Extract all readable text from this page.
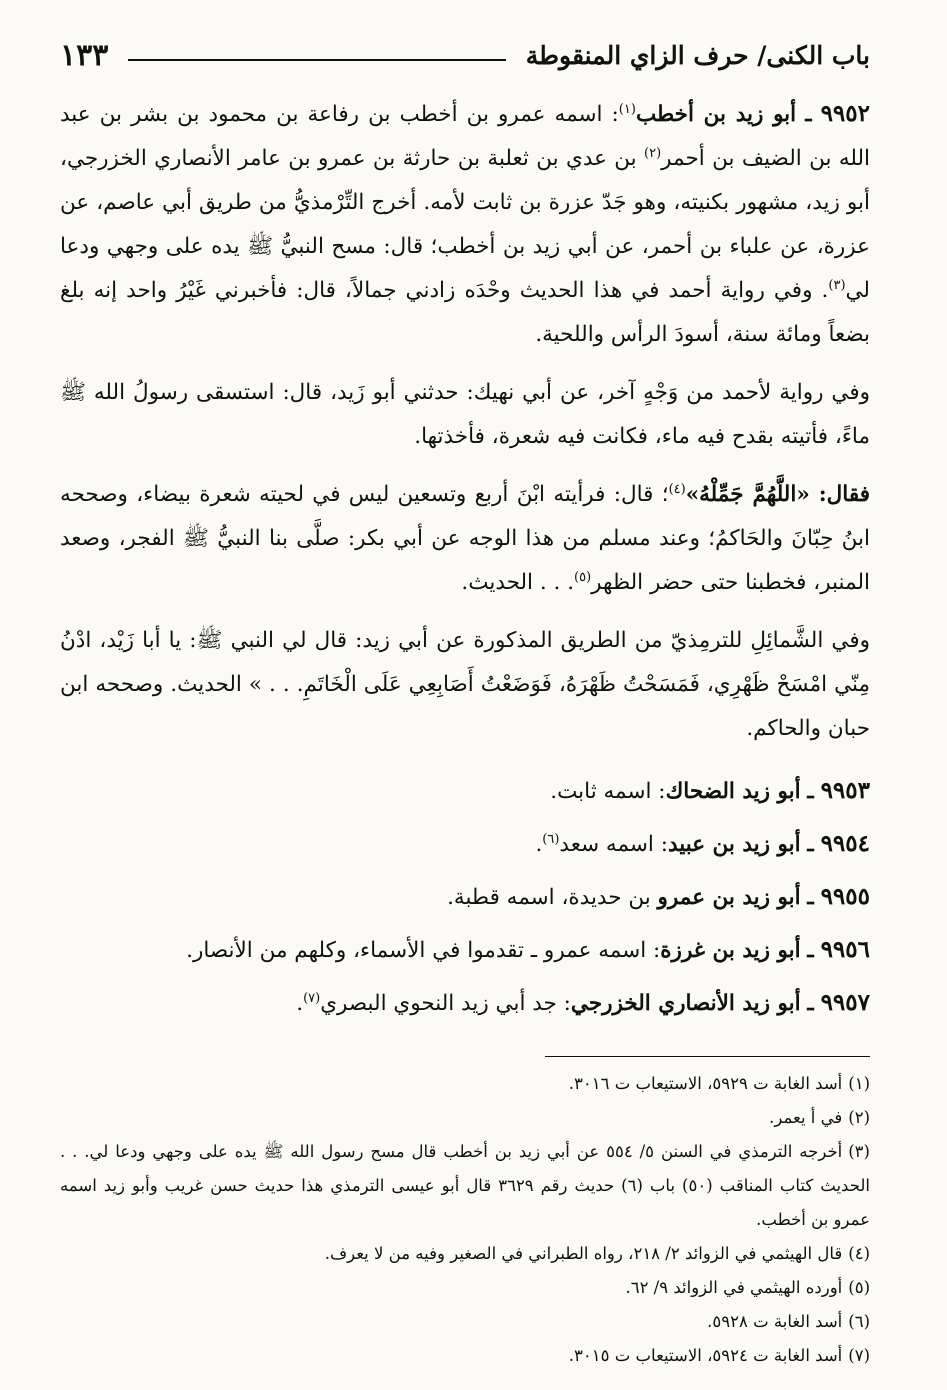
باب الكنى/ حرف الزاي المنقوطة
١٣٣

٩٩٥٢ ـ أبو زيد بن أخطب$^{(١)}$: اسمه عمرو بن أخطب بن رفاعة بن محمود بن بشر بن عبد الله بن الضيف بن أحمر$^{(٢)}$ بن عدي بن ثعلبة بن حارثة بن عمرو بن عامر الأنصاري الخزرجي، أبو زيد، مشهور بكنيته، وهو جَدّ عزرة بن ثابت لأمه. أخرج التِّرْمذيُّ من طريق أبي عاصم، عن عزرة، عن علباء بن أحمر، عن أبي زيد بن أخطب؛ قال: مسح النبيُّ ﷺ يده على وجهي ودعا لي$^{(٣)}$. وفي رواية أحمد في هذا الحديث وحْدَه زادني جمالاً، قال: فأخبرني غَيْرُ واحد إنه بلغ بضعاً ومائة سنة، أسودَ الرأس واللحية.

وفي رواية لأحمد من وَجْهٍ آخر، عن أبي نهيك: حدثني أبو زَيد، قال: استسقى رسولُ الله ﷺ ماءً، فأتيته بقدح فيه ماء، فكانت فيه شعرة، فأخذتها.

فقال: «اللَّهُمَّ جَمِّلْهُ»$^{(٤)}$؛ قال: فرأيته ابْنَ أربع وتسعين ليس في لحيته شعرة بيضاء، وصححه ابنُ حِبّانَ والحَاكمُ؛ وعند مسلم من هذا الوجه عن أبي بكر: صلَّى بنا النبيُّ ﷺ الفجر، وصعد المنبر، فخطبنا حتى حضر الظهر$^{(٥)}$. . . الحديث.

وفي الشَّمائِلِ للترمِذيّ من الطريق المذكورة عن أبي زيد: قال لي النبي ﷺ: يا أبا زَيْد، ادْنُ مِنّي امْسَحْ ظَهْرِي، فَمَسَحْتُ ظَهْرَهُ، فَوَضَعْتُ أَصَابِعِي عَلَى الْخَاتَمِ. . . » الحديث. وصححه ابن حبان والحاكم.

٩٩٥٣ ـ أبو زيد الضحاك: اسمه ثابت.
٩٩٥٤ ـ أبو زيد بن عبيد: اسمه سعد$^{(٦)}$.
٩٩٥٥ ـ أبو زيد بن عمرو بن حديدة، اسمه قطبة.
٩٩٥٦ ـ أبو زيد بن غرزة: اسمه عمرو ـ تقدموا في الأسماء، وكلهم من الأنصار.
٩٩٥٧ ـ أبو زيد الأنصاري الخزرجي: جد أبي زيد النحوي البصري$^{(٧)}$.
(١)أسد الغابة ت ٥٩٢٩، الاستيعاب ت ٣٠١٦.
(٢)في أ يعمر.
(٣)أخرجه الترمذي في السنن ٥/ ٥٥٤ عن أبي زيد بن أخطب قال مسح رسول الله ﷺ يده على وجهي ودعا لي. . . الحديث كتاب المناقب (٥٠) باب (٦) حديث رقم ٣٦٢٩ قال أبو عيسى الترمذي هذا حديث حسن غريب وأبو زيد اسمه عمرو بن أخطب.
(٤)قال الهيثمي في الزوائد ٢/ ٢١٨، رواه الطبراني في الصغير وفيه من لا يعرف.
(٥)أورده الهيثمي في الزوائد ٩/ ٦٢.
(٦)أسد الغابة ت ٥٩٢٨.
(٧)أسد الغابة ت ٥٩٢٤، الاستيعاب ت ٣٠١٥.
